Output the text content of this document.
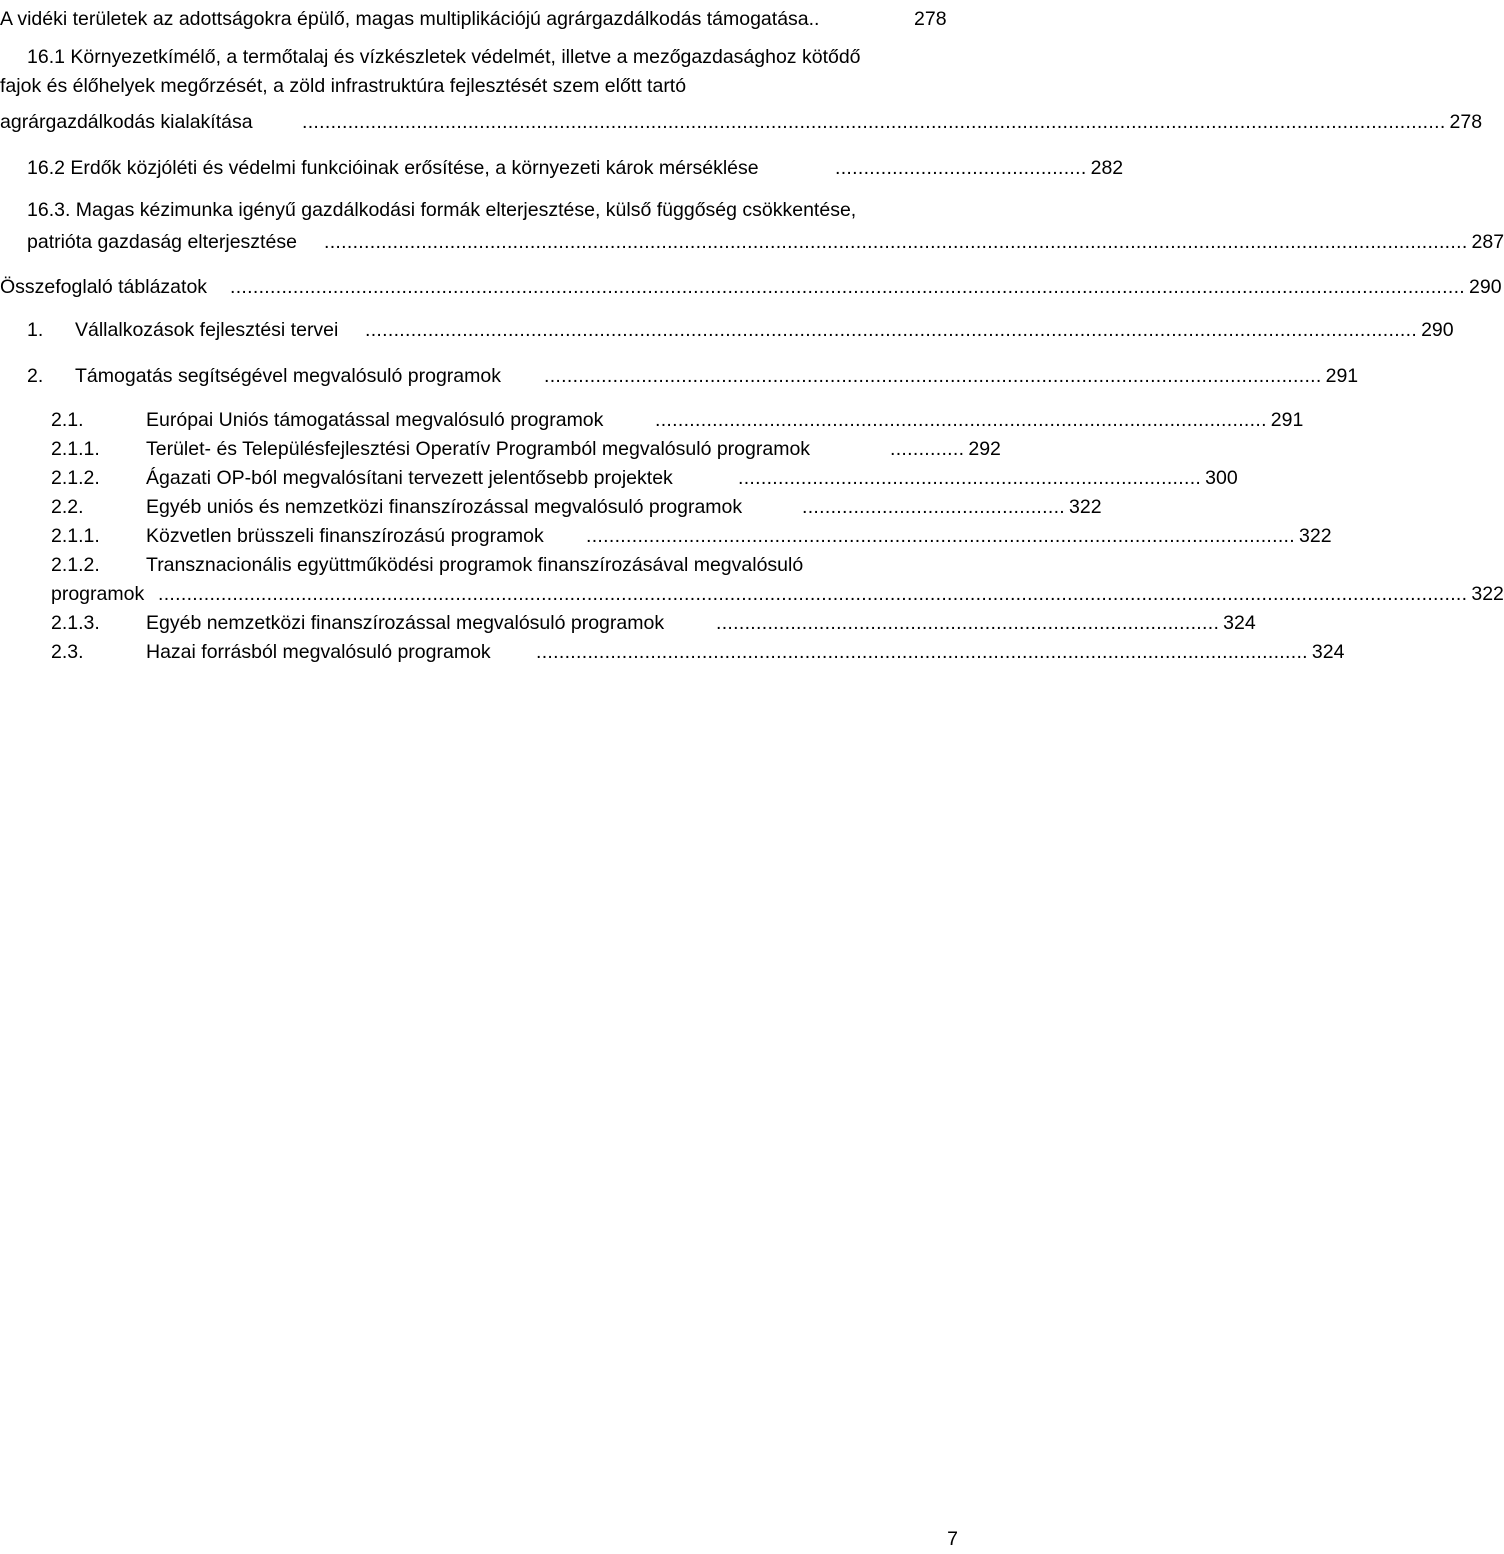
A vidéki területek az adottságokra épülő, magas multiplikációjú agrárgazdálkodás támogatása..	278
16.1 Környezetkímélő, a termőtalaj és vízkészletek védelmét, illetve a mezőgazdasághoz kötődő
fajok és élőhelyek megőrzését, a zöld infrastruktúra fejlesztését szem előtt tartó
agrárgazdálkodás kialakítása	........................................................................................................................................................................................................ 278
16.2 Erdők közjóléti és védelmi funkcióinak erősítése, a környezeti károk mérséklése	............................................ 282
16.3. Magas kézimunka igényű gazdálkodási formák elterjesztése, külső függőség csökkentése,
patrióta gazdaság elterjesztése ........................................................................................................................................................................................................ 287
Összefoglaló táblázatok ........................................................................................................................................................................................................................ 290
1. Vállalkozások fejlesztési tervei ........................................................................................................................................................................................ 290
2. Támogatás segítségével megvalósuló programok ........................................................................................................................................ 291
2.1.	Európai Uniós támogatással megvalósuló programok	........................................................................................................... 291
2.1.1. Terület- és Településfejlesztési Operatív Programból megvalósuló programok	............. 292
2.1.2. Ágazati OP-ból megvalósítani tervezett jelentősebb projektek	................................................................................. 300
2.2.	Egyéb uniós és nemzetközi finanszírozással megvalósuló programok	.............................................. 322
2.1.1. Közvetlen brüsszeli finanszírozású programok ............................................................................................................................ 322
2.1.2. Transznacionális együttműködési programok finanszírozásával megvalósuló
programok ..................................................................................................................................................................................................................................... 322
2.1.3. Egyéb nemzetközi finanszírozással megvalósuló programok	........................................................................................ 324
2.3.	Hazai forrásból megvalósuló programok ....................................................................................................................................... 324
7
